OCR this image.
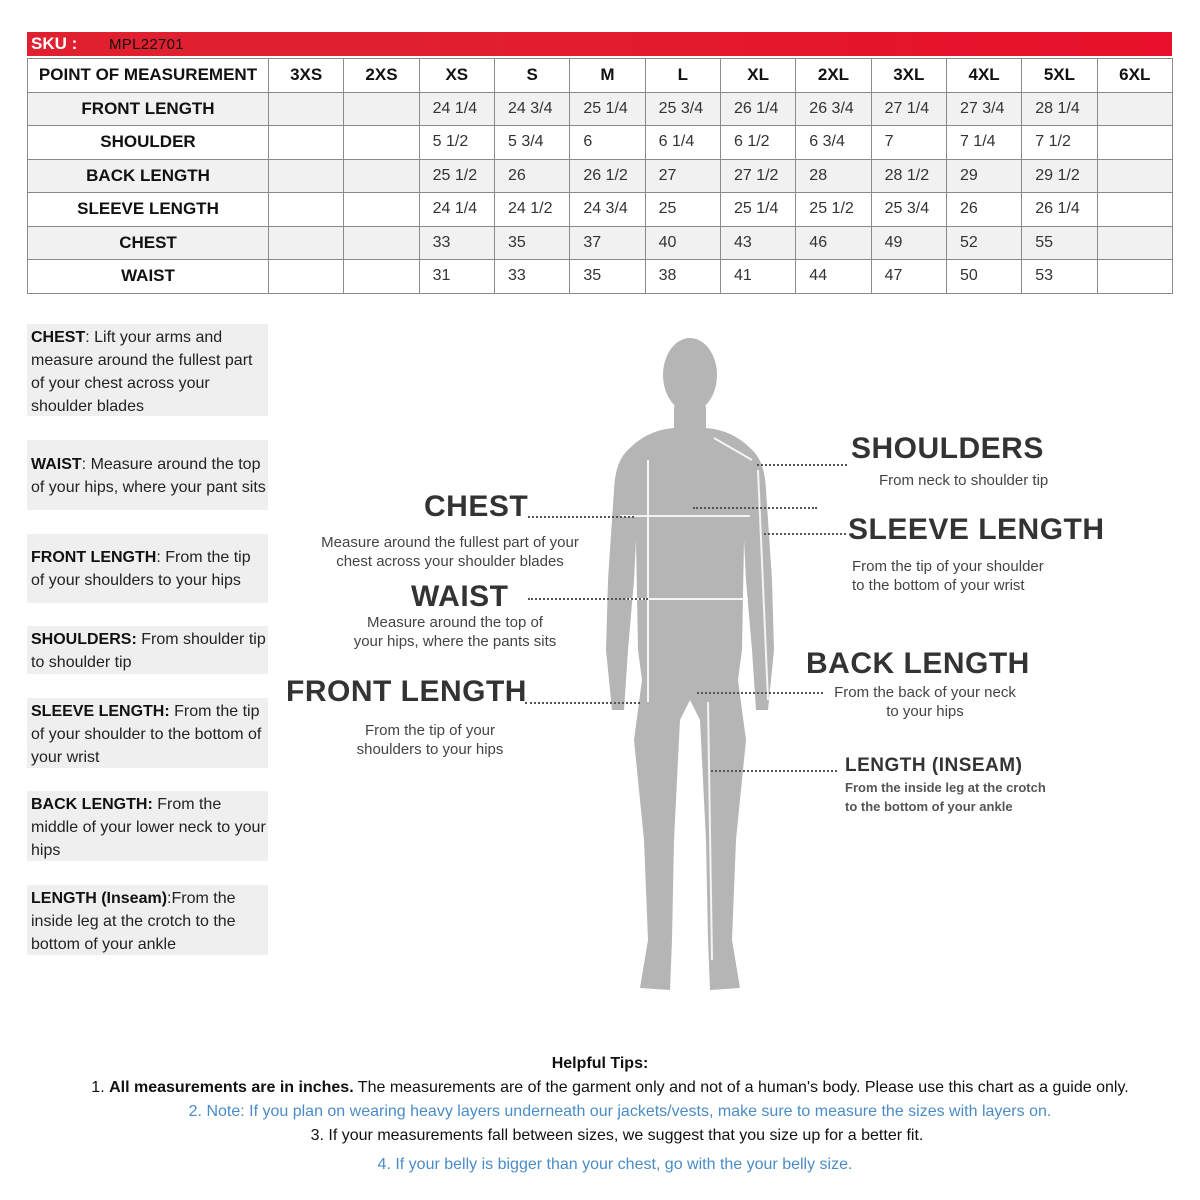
SKU : MPL22701
POINT OF MEASUREMENT	3XS	2XS	XS	S	M	L	XL	2XL	3XL	4XL	5XL	6XL
FRONT LENGTH			24 1/4	24 3/4	25 1/4	25 3/4	26 1/4	26 3/4	27 1/4	27 3/4	28 1/4	
SHOULDER			5 1/2	5 3/4	6	6 1/4	6 1/2	6 3/4	7	7 1/4	7 1/2	
BACK LENGTH			25 1/2	26	26 1/2	27	27 1/2	28	28 1/2	29	29 1/2	
SLEEVE LENGTH			24 1/4	24 1/2	24 3/4	25	25 1/4	25 1/2	25 3/4	26	26 1/4	
CHEST			33	35	37	40	43	46	49	52	55	
WAIST			31	33	35	38	41	44	47	50	53	
CHEST: Lift your arms and measure around the fullest part of your chest across your shoulder blades
WAIST: Measure around the top of your hips, where your pant sits
FRONT LENGTH: From the tip of your shoulders to your hips
SHOULDERS: From shoulder tip to shoulder tip
SLEEVE LENGTH: From the tip of your shoulder to the bottom of your wrist
BACK LENGTH: From the middle of your lower neck to your hips
LENGTH (Inseam):From the inside leg at the crotch to the bottom of your ankle
CHEST
Measure around the fullest part of your
chest across your shoulder blades
WAIST
Measure around the top of
your hips, where the pants sits
FRONT LENGTH
From the tip of your
shoulders to your hips
SHOULDERS
From neck to shoulder tip
SLEEVE LENGTH
From the tip of your shoulder
to the bottom of your wrist
BACK LENGTH
From the back of your neck
to your hips
LENGTH (INSEAM)
From the inside leg at the crotch
to the bottom of your ankle
Helpful Tips:
1. All measurements are in inches. The measurements are of the garment only and not of a human's body. Please use this chart as a guide only.
2. Note: If you plan on wearing heavy layers underneath our jackets/vests, make sure to measure the sizes with layers on.
3. If your measurements fall between sizes, we suggest that you size up for a better fit.
4. If your belly is bigger than your chest, go with the your belly size.
